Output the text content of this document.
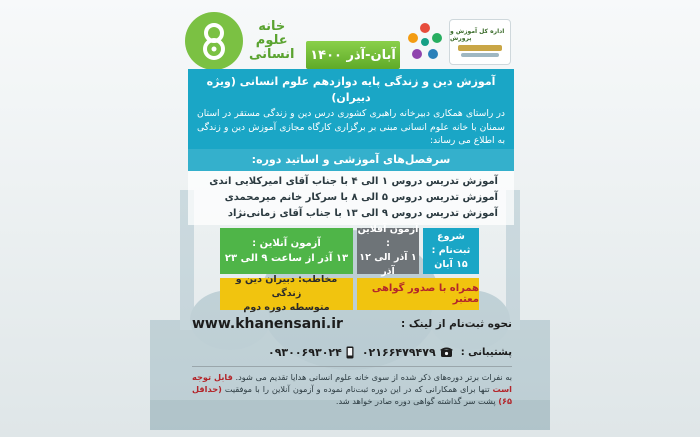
خانه
علوم
انسانی
اداره کل آموزش و پرورش
آبان-آذر ۱۴۰۰
آموزش دین و زندگی پایه دوازدهم علوم انسانی (ویژه دبیران)
در راستای همکاری دبیرخانه راهبری کشوری درس دین و زندگی مستقر در استان سمنان با خانه علوم انسانی مبنی بر برگزاری کارگاه مجازی آموزش دین و زندگی به اطلاع می رساند:
سرفصل‌های آموزشی و اساتید دوره:
آموزش تدریس دروس ۱ الی ۴ با جناب آقای امیرکلایی اندی
آموزش تدریس دروس ۵ الی ۸ با سرکار خانم میرمحمدی
آموزش تدریس دروس ۹ الی ۱۳ با جناب آقای زمانی‌نژاد
شروع ثبت‌نام :
۱۵ آبان
آزمون آفلاین :
۱ آذر الی ۱۲ آذر
آزمون آنلاین :
۱۳ آذر از ساعت ۹ الی ۲۳
همراه با صدور گواهی معتبر
مخاطب: دبیران دین و زندگی
متوسطه دوره دوم
نحوه ثبت‌نام از لینک :
www.khanensani.ir
پشتیبانی :
۰۲۱۶۶۴۷۹۴۷۹
۰۹۳۰۰۶۹۳۰۲۴
به نفرات برتر دوره‌های ذکر شده از سوی خانه علوم انسانی هدایا تقدیم می شود. قابل توجه است تنها برای همکارانی که در این دوره ثبت‌نام نموده و آزمون آنلاین را با موفقیت (حداقل ۶۵) پشت سر گذاشته گواهی دوره صادر خواهد شد.
